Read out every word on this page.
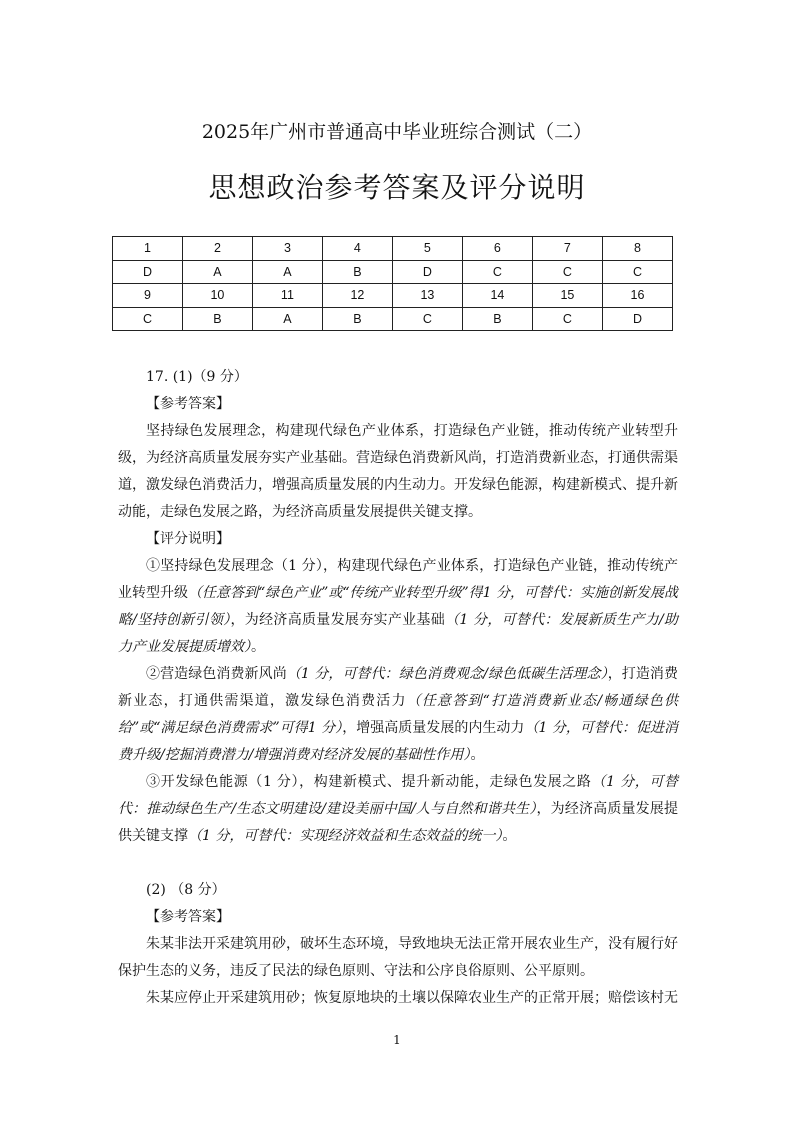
2025年广州市普通高中毕业班综合测试（二）
思想政治参考答案及评分说明
1	2	3	4	5	6	7	8
D	A	A	B	D	C	C	C
9	10	11	12	13	14	15	16
C	B	A	B	C	B	C	D

17. (1)（9 分）

【参考答案】

坚持绿色发展理念，构建现代绿色产业体系，打造绿色产业链，推动传统产业转型升级，为经济高质量发展夯实产业基础。营造绿色消费新风尚，打造消费新业态，打通供需渠道，激发绿色消费活力，增强高质量发展的内生动力。开发绿色能源，构建新模式、提升新动能，走绿色发展之路，为经济高质量发展提供关键支撑。

【评分说明】

①坚持绿色发展理念（1 分），构建现代绿色产业体系，打造绿色产业链，推动传统产业转型升级（任意答到“绿色产业”或“传统产业转型升级”得1 分，可替代：实施创新发展战略/坚持创新引领），为经济高质量发展夯实产业基础（1 分，可替代：发展新质生产力/助力产业发展提质增效）。

②营造绿色消费新风尚（1 分，可替代：绿色消费观念/绿色低碳生活理念），打造消费新业态，打通供需渠道，激发绿色消费活力（任意答到“打造消费新业态/畅通绿色供给”或“满足绿色消费需求”可得1 分），增强高质量发展的内生动力（1 分，可替代：促进消费升级/挖掘消费潜力/增强消费对经济发展的基础性作用）。

③开发绿色能源（1 分），构建新模式、提升新动能，走绿色发展之路（1 分，可替代：推动绿色生产/生态文明建设/建设美丽中国/人与自然和谐共生），为经济高质量发展提供关键支撑（1 分，可替代：实现经济效益和生态效益的统一）。

(2) （8 分）

【参考答案】

朱某非法开采建筑用砂，破坏生态环境，导致地块无法正常开展农业生产，没有履行好保护生态的义务，违反了民法的绿色原则、守法和公序良俗原则、公平原则。

朱某应停止开采建筑用砂；恢复原地块的土壤以保障农业生产的正常开展；赔偿该村无

1
